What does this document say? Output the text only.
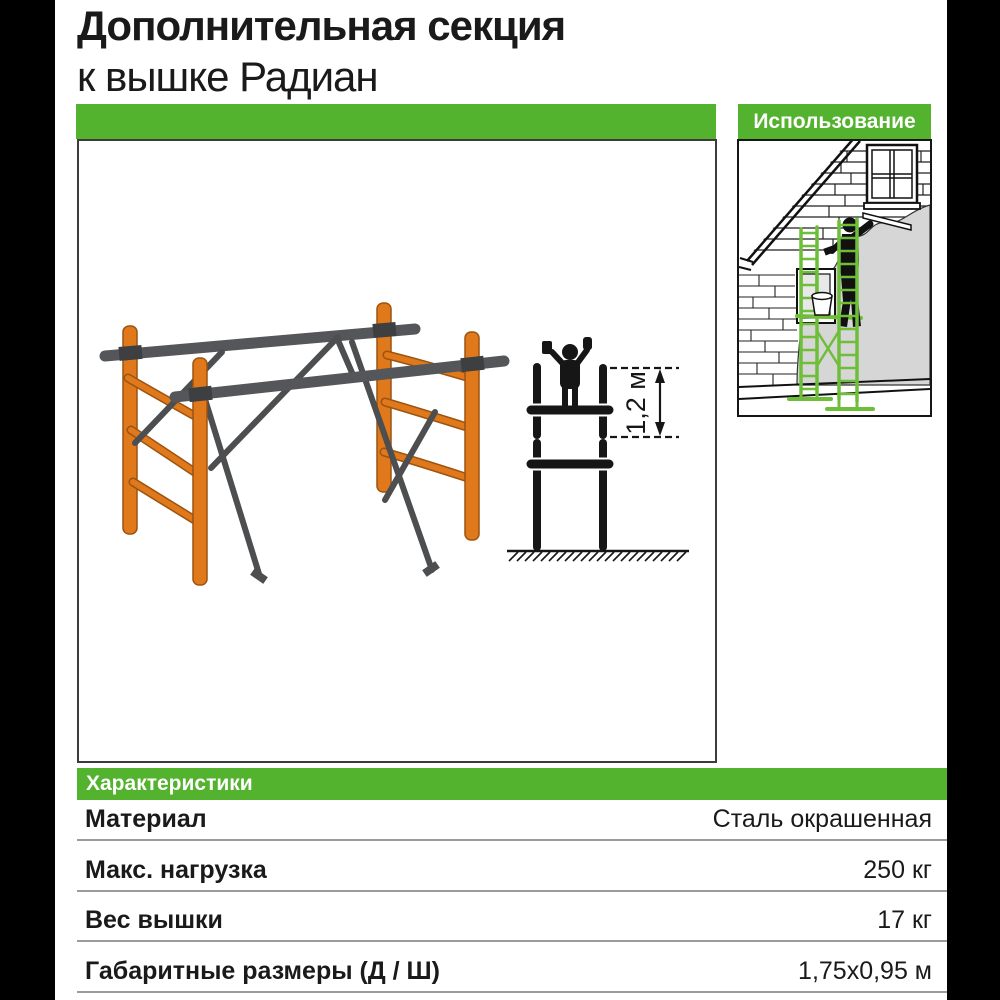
Дополнительная секция
к вышке Радиан
Использование
1,2 м
Характеристики
Материал	Сталь окрашенная
Макс. нагрузка	250 кг
Вес вышки	17 кг
Габаритные размеры (Д / Ш)	1,75х0,95 м
